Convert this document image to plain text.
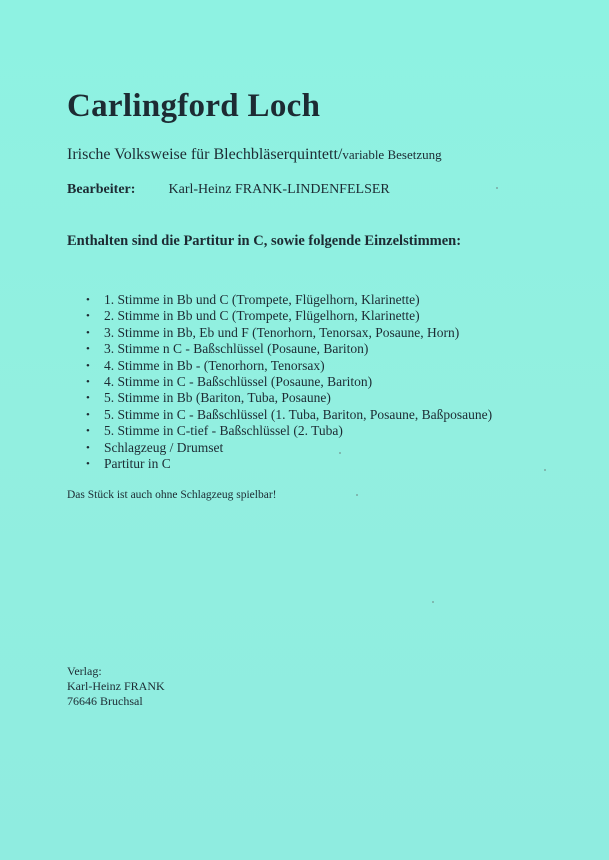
Carlingford Loch
Irische Volksweise für Blechbläserquintett/variable Besetzung
Bearbeiter: Karl-Heinz FRANK-LINDENFELSER
Enthalten sind die Partitur in C, sowie folgende Einzelstimmen:
• 1. Stimme in Bb und C (Trompete, Flügelhorn, Klarinette)
• 2. Stimme in Bb und C (Trompete, Flügelhorn, Klarinette)
• 3. Stimme in Bb, Eb und F (Tenorhorn, Tenorsax, Posaune, Horn)
• 3. Stimme n C - Baßschlüssel (Posaune, Bariton)
• 4. Stimme in Bb - (Tenorhorn, Tenorsax)
• 4. Stimme in C - Baßschlüssel (Posaune, Bariton)
• 5. Stimme in Bb (Bariton, Tuba, Posaune)
• 5. Stimme in C - Baßschlüssel (1. Tuba, Bariton, Posaune, Baßposaune)
• 5. Stimme in C-tief - Baßschlüssel (2. Tuba)
• Schlagzeug / Drumset
• Partitur in C
Das Stück ist auch ohne Schlagzeug spielbar!
Verlag:
Karl-Heinz FRANK
76646 Bruchsal
